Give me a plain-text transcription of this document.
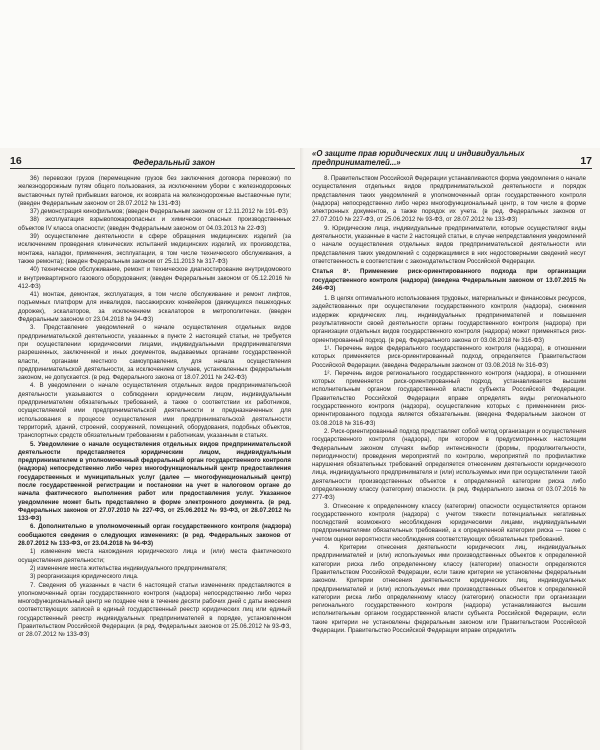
16	Федеральный закон
«О защите прав юридических лиц и индивидуальных предпринимателей...»	17

36) перевозки грузов (перемещение грузов без заключения договора перевозки) по железнодорожным путям общего пользования, за исключением уборки с железнодорожных выставочных путей прибывших вагонов, их возврата на железнодорожные выставочные пути; (введен Федеральным законом от 28.07.2012 № 131-ФЗ)

37) демонстрация кинофильмов; (введен Федеральным законом от 12.11.2012 № 191-ФЗ)

38) эксплуатация взрывопожароопасных и химически опасных производственных объектов IV класса опасности; (введен Федеральным законом от 04.03.2013 № 22-ФЗ)

39) осуществление деятельности в сфере обращения медицинских изделий (за исключением проведения клинических испытаний медицинских изделий, их производства, монтажа, наладки, применения, эксплуатации, в том числе технического обслуживания, а также ремонта); (введен Федеральным законом от 25.11.2013 № 317-ФЗ)

40) техническое обслуживание, ремонт и техническое диагностирование внутридомового и внутриквартирного газового оборудования; (введен Федеральным законом от 05.12.2016 № 412-ФЗ)

41) монтаж, демонтаж, эксплуатация, в том числе обслуживание и ремонт лифтов, подъемных платформ для инвалидов, пассажирских конвейеров (движущихся пешеходных дорожек), эскалаторов, за исключением эскалаторов в метрополитенах. (введен Федеральным законом от 23.04.2018 № 94-ФЗ)

3. Представление уведомлений о начале осуществления отдельных видов предпринимательской деятельности, указанных в пункте 2 настоящей статьи, не требуется при осуществлении юридическими лицами, индивидуальными предпринимателями разрешенных, заключенной и иных документов, выдаваемых органами государственной власти, органами местного самоуправления, для начала осуществления предпринимательской деятельности, за исключением случаев, установленных федеральным законом, не допускается. (в ред. Федерального закона от 18.07.2011 № 242-ФЗ)

4. В уведомлении о начале осуществления отдельных видов предпринимательской деятельности указываются о соблюдении юридическим лицом, индивидуальным предпринимателем обязательных требований, а также о соответствии их работников, осуществляемой ими предпринимательской деятельности и предназначенных для использования в процессе осуществления ими предпринимательской деятельности территорий, зданий, строений, сооружений, помещений, оборудования, подобных объектов, транспортных средств обязательным требованиям к работникам, указанным в статьях.

5. Уведомление о начале осуществления отдельных видов предпринимательской деятельности представляется юридическим лицом, индивидуальным предпринимателем в уполномоченный федеральный орган государственного контроля (надзора) непосредственно либо через многофункциональный центр предоставления государственных и муниципальных услуг (далее — многофункциональный центр) после государственной регистрации и постановки на учет в налоговом органе до начала фактического выполнения работ или предоставления услуг. Указанное уведомление может быть представлено в форме электронного документа. (в ред. Федеральных законов от 27.07.2010 № 227-ФЗ, от 25.06.2012 № 93-ФЗ, от 28.07.2012 № 133-ФЗ)

6. Дополнительно в уполномоченный орган государственного контроля (надзора) сообщаются сведения о следующих изменениях: (в ред. Федеральных законов от 28.07.2012 № 133-ФЗ, от 23.04.2018 № 94-ФЗ)

1) изменение места нахождения юридического лица и (или) места фактического осуществления деятельности;

2) изменение места жительства индивидуального предпринимателя;

3) реорганизация юридического лица.

7. Сведения об указанных в части 6 настоящей статьи изменениях представляются в уполномоченный орган государственного контроля (надзора) непосредственно либо через многофункциональный центр не позднее чем в течение десяти рабочих дней с даты внесения соответствующих записей в единый государственный реестр юридических лиц или единый государственный реестр индивидуальных предпринимателей в порядке, установленном Правительством Российской Федерации. (в ред. Федеральных законов от 25.06.2012 № 93-ФЗ, от 28.07.2012 № 133-ФЗ)

8. Правительством Российской Федерации устанавливаются форма уведомления о начале осуществления отдельных видов предпринимательской деятельности и порядок представления таких уведомлений в уполномоченный орган государственного контроля (надзора) непосредственно либо через многофункциональный центр, в том числе в форме электронных документов, а также порядок их учета. (в ред. Федеральных законов от 27.07.2010 № 227-ФЗ, от 25.06.2012 № 93-ФЗ, от 28.07.2012 № 133-ФЗ)

9. Юридические лица, индивидуальные предприниматели, которые осуществляют виды деятельности, указанные в части 2 настоящей статьи, в случае непредставления уведомлений о начале осуществления отдельных видов предпринимательской деятельности или представления таких уведомлений с содержащимися в них недостоверными сведений несут ответственность в соответствии с законодательством Российской Федерации.

Статья 8¹. Применение риск-ориентированного подхода при организации государственного контроля (надзора) (введена Федеральным законом от 13.07.2015 № 246-ФЗ)

1. В целях оптимального использования трудовых, материальных и финансовых ресурсов, задействованных при осуществлении государственного контроля (надзора), снижения издержек юридических лиц, индивидуальных предпринимателей и повышения результативности своей деятельности органы государственного контроля (надзора) при организации отдельных видов государственного контроля (надзора) может применяться риск-ориентированный подход. (в ред. Федерального закона от 03.08.2018 № 316-ФЗ)

1¹. Перечень видов федерального государственного контроля (надзора), в отношении которых применяется риск-ориентированный подход, определяется Правительством Российской Федерации. (введена Федеральным законом от 03.08.2018 № 316-ФЗ)

1². Перечень видов регионального государственного контроля (надзора), в отношении которых применяется риск-ориентированный подход, устанавливается высшим исполнительным органом государственной власти субъекта Российской Федерации. Правительство Российской Федерации вправе определять виды регионального государственного контроля (надзора), осуществление которых с применением риск-ориентированного подхода является обязательным. (введена Федеральным законом от 03.08.2018 № 316-ФЗ)

2. Риск-ориентированный подход представляет собой метод организации и осуществления государственного контроля (надзора), при котором в предусмотренных настоящим Федеральным законом случаях выбор интенсивности (формы, продолжительности, периодичности) проведения мероприятий по контролю, мероприятий по профилактике нарушения обязательных требований определяется отнесением деятельности юридического лица, индивидуального предпринимателя и (или) используемых ими при осуществлении такой деятельности производственных объектов к определенной категории риска либо определенному классу (категории) опасности. (в ред. Федерального закона от 03.07.2016 № 277-ФЗ)

3. Отнесение к определенному классу (категории) опасности осуществляется органом государственного контроля (надзора) с учетом тяжести потенциальных негативных последствий возможного несоблюдения юридическими лицами, индивидуальными предпринимателями обязательных требований, а к определенной категории риска — также с учетом оценки вероятности несоблюдения соответствующих обязательных требований.

4. Критерии отнесения деятельности юридических лиц, индивидуальных предпринимателей и (или) используемых ими производственных объектов к определенной категории риска либо определенному классу (категории) опасности определяются Правительством Российской Федерации, если такие критерии не установлены федеральным законом. Критерии отнесения деятельности юридических лиц, индивидуальных предпринимателей и (или) используемых ими производственных объектов к определенной категории риска либо определенному классу (категории) опасности при организации регионального государственного контроля (надзора) устанавливаются высшим исполнительным органом государственной власти субъекта Российской Федерации, если такие критерии не установлены федеральным законом или Правительством Российской Федерации. Правительство Российской Федерации вправе определить
